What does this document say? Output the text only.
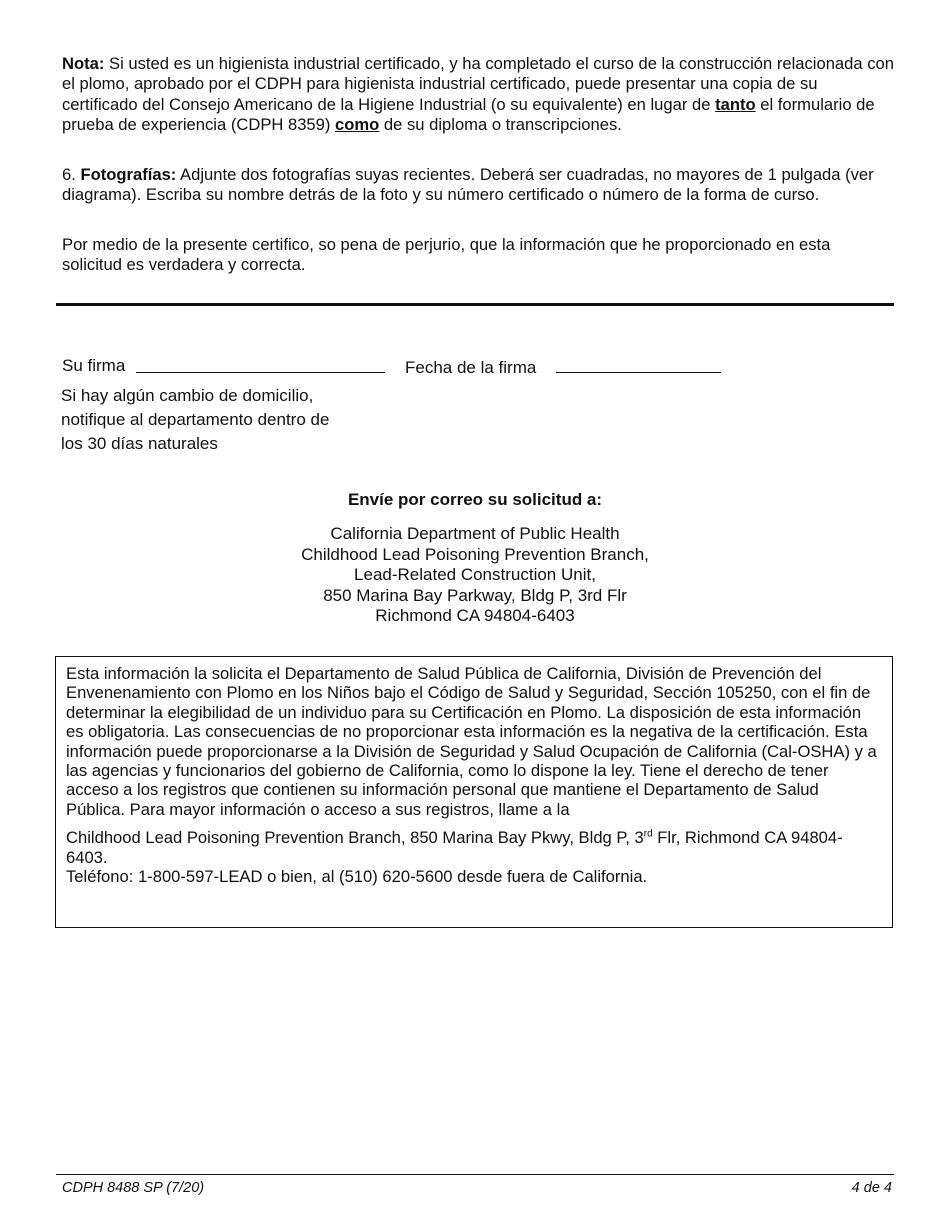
Nota: Si usted es un higienista industrial certificado, y ha completado el curso de la construcción relacionada con el plomo, aprobado por el CDPH para higienista industrial certificado, puede presentar una copia de su certificado del Consejo Americano de la Higiene Industrial (o su equivalente) en lugar de tanto el formulario de prueba de experiencia (CDPH 8359) como de su diploma o transcripciones.

6. Fotografías: Adjunte dos fotografías suyas recientes. Deberá ser cuadradas, no mayores de 1 pulgada (ver diagrama). Escriba su nombre detrás de la foto y su número certificado o número de la forma de curso.

Por medio de la presente certifico, so pena de perjurio, que la información que he proporcionado en esta solicitud es verdadera y correcta.

Su firma	Fecha de la firma
Si hay algún cambio de domicilio,
notifique al departamento dentro de
los 30 días naturales
Envíe por correo su solicitud a:
California Department of Public Health
Childhood Lead Poisoning Prevention Branch,
Lead-Related Construction Unit,
850 Marina Bay Parkway, Bldg P, 3rd Flr
Richmond CA 94804-6403

Esta información la solicita el Departamento de Salud Pública de California, División de Prevención del Envenenamiento con Plomo en los Niños bajo el Código de Salud y Seguridad, Sección 105250, con el fin de determinar la elegibilidad de un individuo para su Certificación en Plomo. La disposición de esta información es obligatoria. Las consecuencias de no proporcionar esta información es la negativa de la certificación. Esta información puede proporcionarse a la División de Seguridad y Salud Ocupación de California (Cal-OSHA) y a las agencias y funcionarios del gobierno de California, como lo dispone la ley. Tiene el derecho de tener acceso a los registros que contienen su información personal que mantiene el Departamento de Salud Pública. Para mayor información o acceso a sus registros, llame a la

Childhood Lead Poisoning Prevention Branch, 850 Marina Bay Pkwy, Bldg P, 3rd Flr, Richmond CA 94804-6403.

Teléfono: 1-800-597-LEAD o bien, al (510) 620-5600 desde fuera de California.

CDPH 8488 SP (7/20)	4 de 4
